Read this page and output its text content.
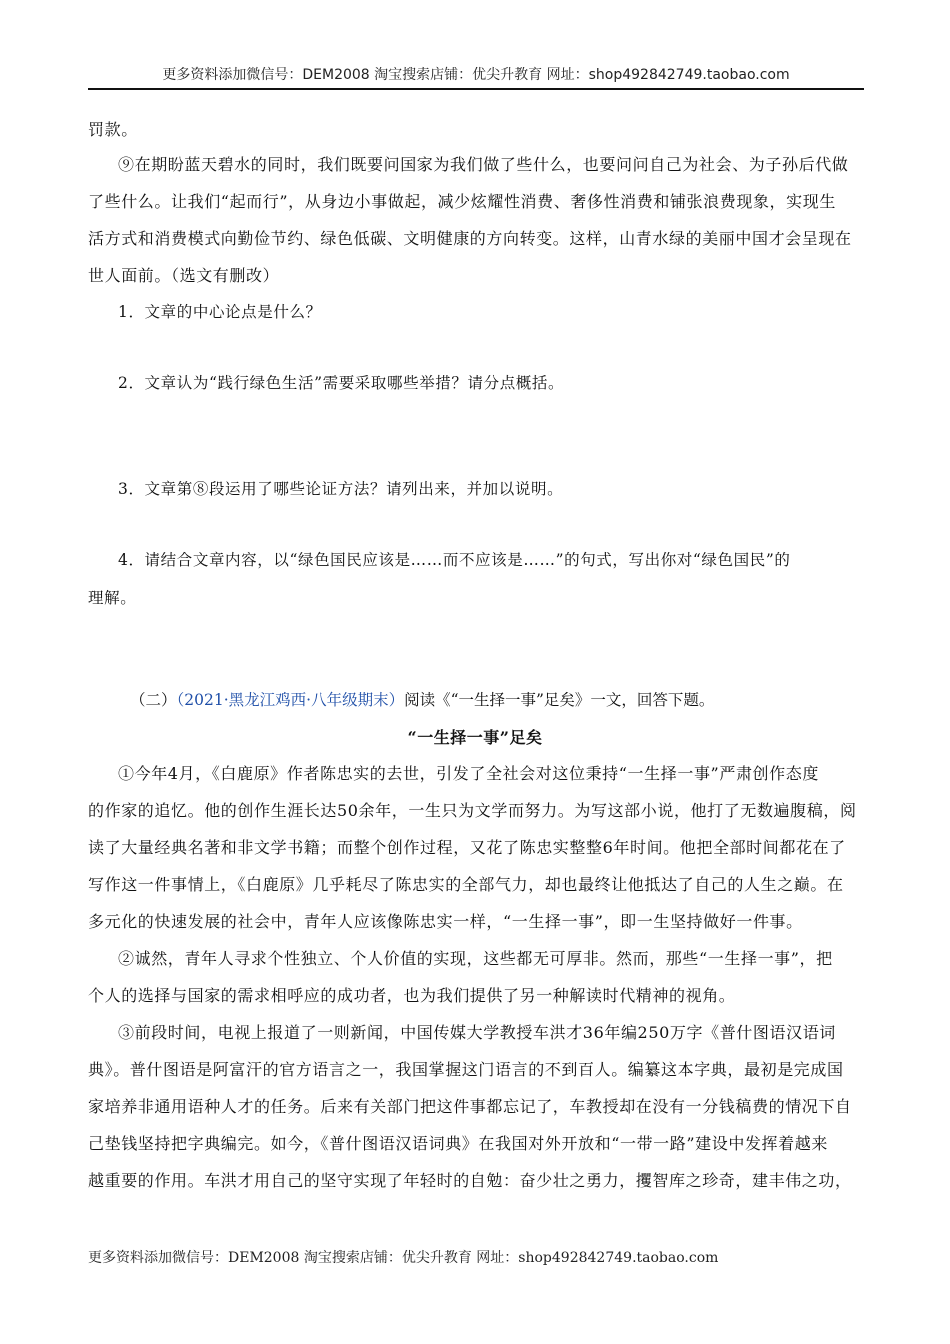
更多资料添加微信号：DEM2008 淘宝搜索店铺：优尖升教育 网址：shop492842749.taobao.com
罚款。
⑨在期盼蓝天碧水的同时，我们既要问国家为我们做了些什么，也要问问自己为社会、为子孙后代做
了些什么。让我们“起而行”，从身边小事做起，减少炫耀性消费、奢侈性消费和铺张浪费现象，实现生
活方式和消费模式向勤俭节约、绿色低碳、文明健康的方向转变。这样，山青水绿的美丽中国才会呈现在
世人面前。（选文有删改）
1．文章的中心论点是什么？
2．文章认为“践行绿色生活”需要采取哪些举措？请分点概括。
3．文章第⑧段运用了哪些论证方法？请列出来，并加以说明。
4．请结合文章内容，以“绿色国民应该是……而不应该是……”的句式，写出你对“绿色国民”的
理解。
（二）（2021·黑龙江鸡西·八年级期末）阅读《“一生择一事”足矣》一文，回答下题。
“一生择一事”足矣
①今年4月，《白鹿原》作者陈忠实的去世，引发了全社会对这位秉持“一生择一事”严肃创作态度
的作家的追忆。他的创作生涯长达50余年，一生只为文学而努力。为写这部小说，他打了无数遍腹稿，阅
读了大量经典名著和非文学书籍；而整个创作过程，又花了陈忠实整整6年时间。他把全部时间都花在了
写作这一件事情上，《白鹿原》几乎耗尽了陈忠实的全部气力，却也最终让他抵达了自己的人生之巅。在
多元化的快速发展的社会中，青年人应该像陈忠实一样，“一生择一事”，即一生坚持做好一件事。
②诚然，青年人寻求个性独立、个人价值的实现，这些都无可厚非。然而，那些“一生择一事”，把
个人的选择与国家的需求相呼应的成功者，也为我们提供了另一种解读时代精神的视角。
③前段时间，电视上报道了一则新闻，中国传媒大学教授车洪才36年编250万字《普什图语汉语词
典》。普什图语是阿富汗的官方语言之一，我国掌握这门语言的不到百人。编纂这本字典，最初是完成国
家培养非通用语种人才的任务。后来有关部门把这件事都忘记了，车教授却在没有一分钱稿费的情况下自
己垫钱坚持把字典编完。如今，《普什图语汉语词典》在我国对外开放和“一带一路”建设中发挥着越来
越重要的作用。车洪才用自己的坚守实现了年轻时的自勉：奋少壮之勇力，攫智库之珍奇，建丰伟之功，
更多资料添加微信号：DEM2008 淘宝搜索店铺：优尖升教育 网址：shop492842749.taobao.com
